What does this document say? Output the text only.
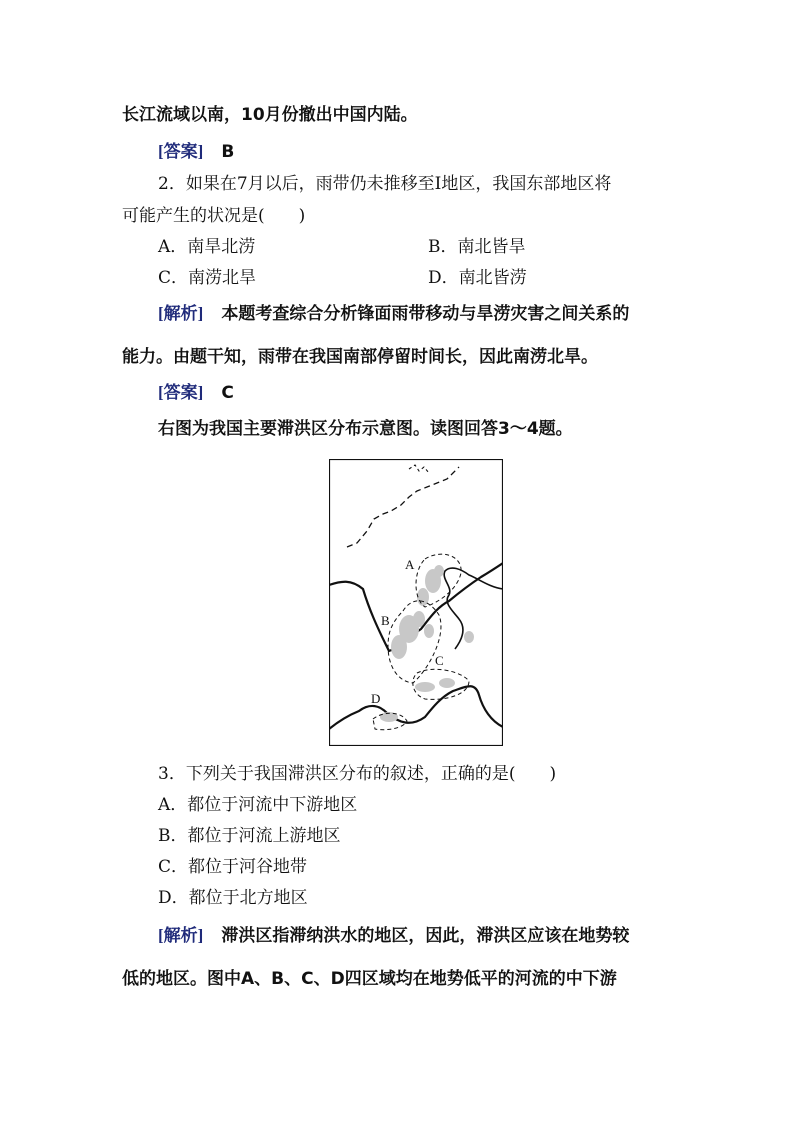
长江流域以南，10月份撤出中国内陆。
[答案] B
2．如果在7月以后，雨带仍未推移至Ⅰ地区，我国东部地区将
可能产生的状况是(　　)
A．南旱北涝	B．南北皆旱
C．南涝北旱	D．南北皆涝
[解析] 本题考查综合分析锋面雨带移动与旱涝灾害之间关系的
能力。由题干知，雨带在我国南部停留时间长，因此南涝北旱。
[答案] C
右图为我国主要滞洪区分布示意图。读图回答3～4题。
A
B
C
D
3．下列关于我国滞洪区分布的叙述，正确的是(　　)
A．都位于河流中下游地区
B．都位于河流上游地区
C．都位于河谷地带
D．都位于北方地区
[解析] 滞洪区指滞纳洪水的地区，因此，滞洪区应该在地势较
低的地区。图中A、B、C、D四区域均在地势低平的河流的中下游
